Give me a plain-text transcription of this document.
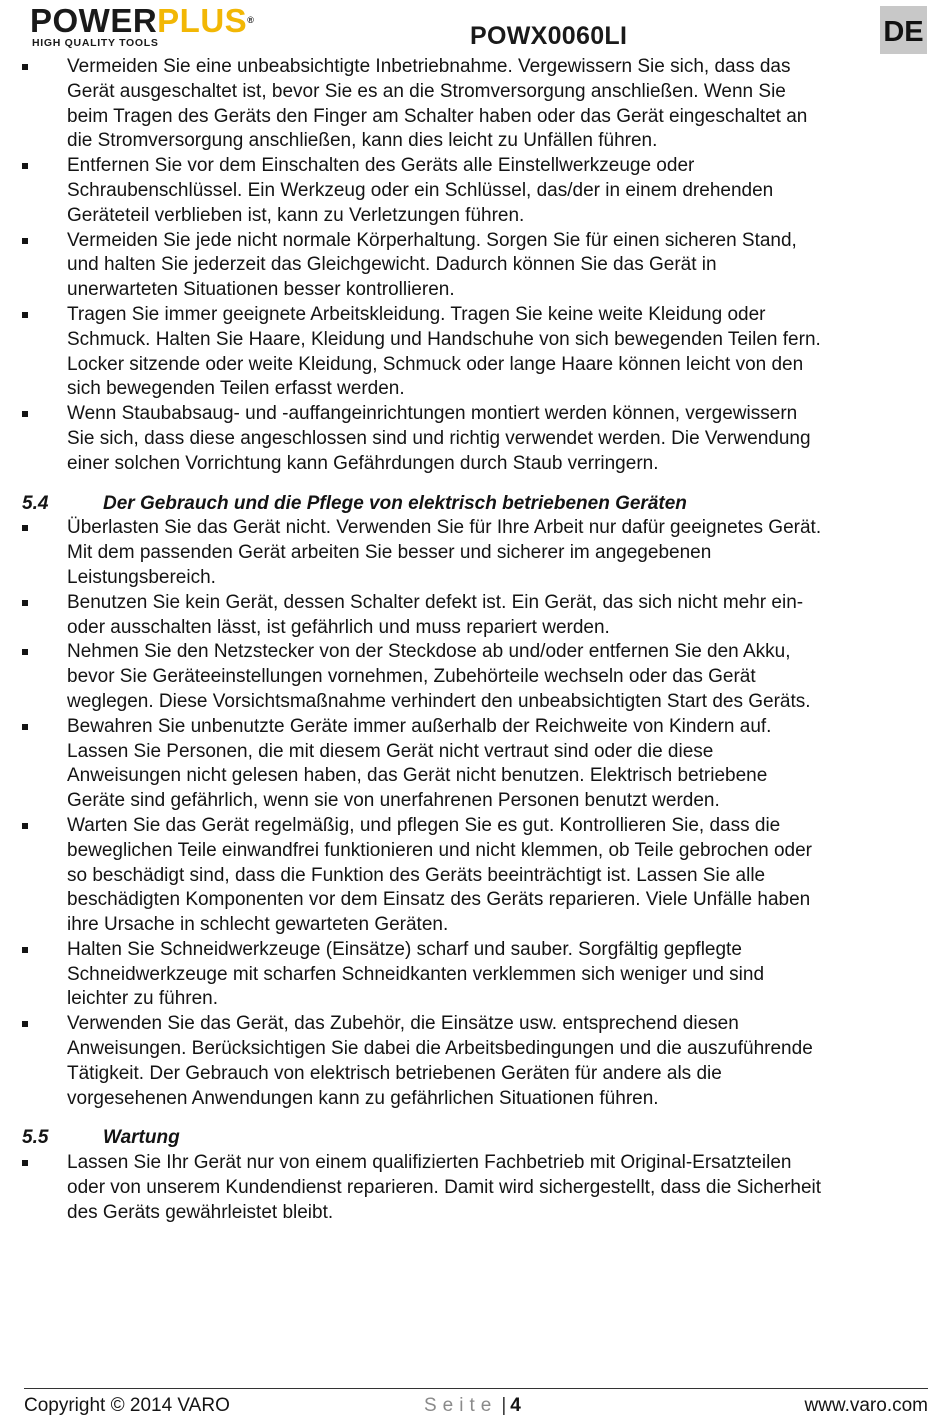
POWERPLUS®
HIGH QUALITY TOOLS	POWX0060LI	DE
Vermeiden Sie eine unbeabsichtigte Inbetriebnahme. Vergewissern Sie sich, dass das
Gerät ausgeschaltet ist, bevor Sie es an die Stromversorgung anschließen. Wenn Sie
beim Tragen des Geräts den Finger am Schalter haben oder das Gerät eingeschaltet an
die Stromversorgung anschließen, kann dies leicht zu Unfällen führen.
Entfernen Sie vor dem Einschalten des Geräts alle Einstellwerkzeuge oder
Schraubenschlüssel. Ein Werkzeug oder ein Schlüssel, das/der in einem drehenden
Geräteteil verblieben ist, kann zu Verletzungen führen.
Vermeiden Sie jede nicht normale Körperhaltung. Sorgen Sie für einen sicheren Stand,
und halten Sie jederzeit das Gleichgewicht. Dadurch können Sie das Gerät in
unerwarteten Situationen besser kontrollieren.
Tragen Sie immer geeignete Arbeitskleidung. Tragen Sie keine weite Kleidung oder
Schmuck. Halten Sie Haare, Kleidung und Handschuhe von sich bewegenden Teilen fern.
Locker sitzende oder weite Kleidung, Schmuck oder lange Haare können leicht von den
sich bewegenden Teilen erfasst werden.
Wenn Staubabsaug- und -auffangeinrichtungen montiert werden können, vergewissern
Sie sich, dass diese angeschlossen sind und richtig verwendet werden. Die Verwendung
einer solchen Vorrichtung kann Gefährdungen durch Staub verringern.
5.4	Der Gebrauch und die Pflege von elektrisch betriebenen Geräten
Überlasten Sie das Gerät nicht. Verwenden Sie für Ihre Arbeit nur dafür geeignetes Gerät.
Mit dem passenden Gerät arbeiten Sie besser und sicherer im angegebenen
Leistungsbereich.
Benutzen Sie kein Gerät, dessen Schalter defekt ist. Ein Gerät, das sich nicht mehr ein-
oder ausschalten lässt, ist gefährlich und muss repariert werden.
Nehmen Sie den Netzstecker von der Steckdose ab und/oder entfernen Sie den Akku,
bevor Sie Geräteeinstellungen vornehmen, Zubehörteile wechseln oder das Gerät
weglegen. Diese Vorsichtsmaßnahme verhindert den unbeabsichtigten Start des Geräts.
Bewahren Sie unbenutzte Geräte immer außerhalb der Reichweite von Kindern auf.
Lassen Sie Personen, die mit diesem Gerät nicht vertraut sind oder die diese
Anweisungen nicht gelesen haben, das Gerät nicht benutzen. Elektrisch betriebene
Geräte sind gefährlich, wenn sie von unerfahrenen Personen benutzt werden.
Warten Sie das Gerät regelmäßig, und pflegen Sie es gut. Kontrollieren Sie, dass die
beweglichen Teile einwandfrei funktionieren und nicht klemmen, ob Teile gebrochen oder
so beschädigt sind, dass die Funktion des Geräts beeinträchtigt ist. Lassen Sie alle
beschädigten Komponenten vor dem Einsatz des Geräts reparieren. Viele Unfälle haben
ihre Ursache in schlecht gewarteten Geräten.
Halten Sie Schneidwerkzeuge (Einsätze) scharf und sauber. Sorgfältig gepflegte
Schneidwerkzeuge mit scharfen Schneidkanten verklemmen sich weniger und sind
leichter zu führen.
Verwenden Sie das Gerät, das Zubehör, die Einsätze usw. entsprechend diesen
Anweisungen. Berücksichtigen Sie dabei die Arbeitsbedingungen und die auszuführende
Tätigkeit. Der Gebrauch von elektrisch betriebenen Geräten für andere als die
vorgesehenen Anwendungen kann zu gefährlichen Situationen führen.
5.5	Wartung
Lassen Sie Ihr Gerät nur von einem qualifizierten Fachbetrieb mit Original-Ersatzteilen
oder von unserem Kundendienst reparieren. Damit wird sichergestellt, dass die Sicherheit
des Geräts gewährleistet bleibt.
Copyright © 2014 VARO	Seite | 4	www.varo.com
